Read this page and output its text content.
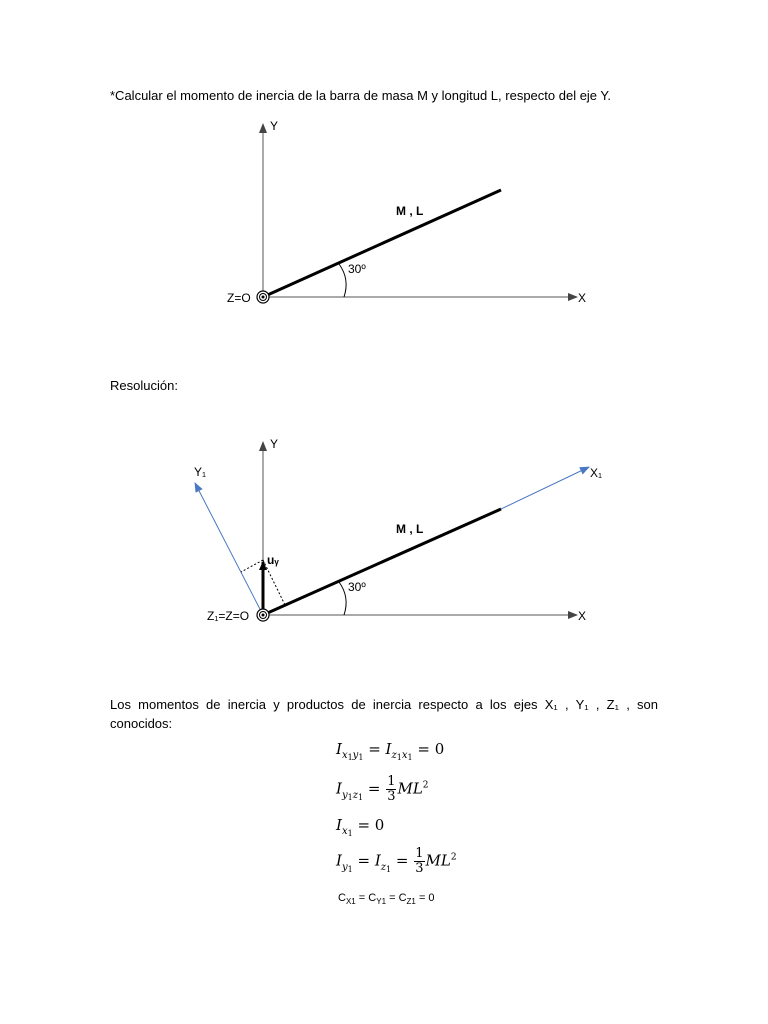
*Calcular el momento de inercia de la barra de masa M y longitud L, respecto del eje Y.
Y
X
Z=O
M , L
30º
Resolución:
Y
Y₁	X₁
X
Z₁=Z=O
M , L
30º
uᵧ
Los momentos de inercia y productos de inercia respecto a los ejes X₁ , Y₁ , Z₁ , son conocidos:
$I_{x_1y_1} = I_{z_1x_1} = 0$
$I_{y_1z_1} = \frac{1}{3} ML^2$
$I_{x_1} = 0$
$I_{y_1} = I_{z_1} = \frac{1}{3} ML^2$
$C_{X1} = C_{Y1} = C_{Z1} = 0$
